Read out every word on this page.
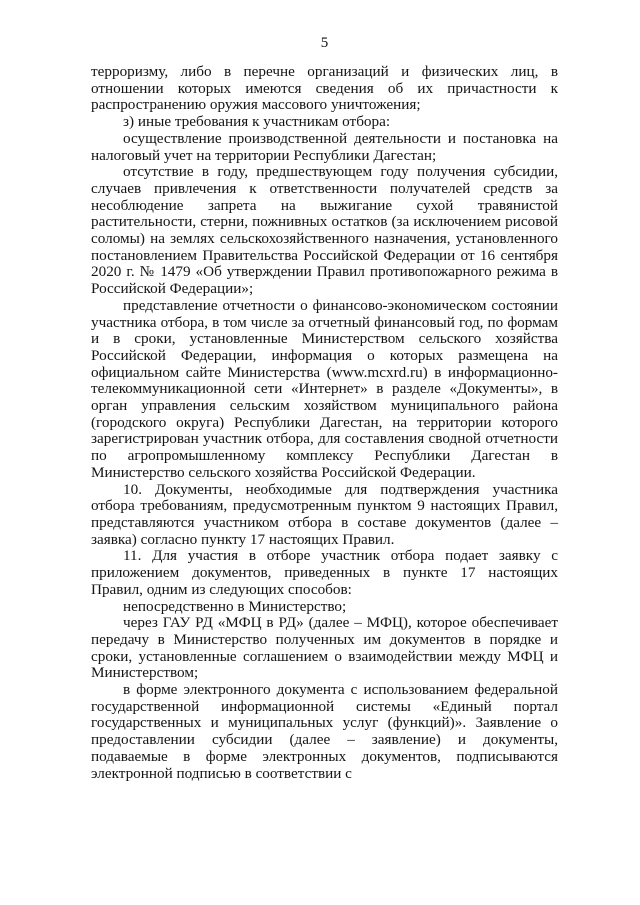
5

терроризму, либо в перечне организаций и физических лиц, в отношении которых имеются сведения об их причастности к распространению оружия массового уничтожения;

з) иные требования к участникам отбора:

осуществление производственной деятельности и постановка на налоговый учет на территории Республики Дагестан;

отсутствие в году, предшествующем году получения субсидии, случаев привлечения к ответственности получателей средств за несоблюдение запрета на выжигание сухой травянистой растительности, стерни, пожнивных остатков (за исключением рисовой соломы) на землях сельскохозяйственного назначения, установленного постановлением Правительства Российской Федерации от 16 сентября 2020 г. № 1479 «Об утверждении Правил противопожарного режима в Российской Федерации»;

представление отчетности о финансово-экономическом состоянии участника отбора, в том числе за отчетный финансовый год, по формам и в сроки, установленные Министерством сельского хозяйства Российской Федерации, информация о которых размещена на официальном сайте Министерства (www.mcxrd.ru) в информационно-телекоммуникационной сети «Интернет» в разделе «Документы», в орган управления сельским хозяйством муниципального района (городского округа) Республики Дагестан, на территории которого зарегистрирован участник отбора, для составления сводной отчетности по агропромышленному комплексу Республики Дагестан в Министерство сельского хозяйства Российской Федерации.

10. Документы, необходимые для подтверждения участника отбора требованиям, предусмотренным пунктом 9 настоящих Правил, представляются участником отбора в составе документов (далее – заявка) согласно пункту 17 настоящих Правил.

11. Для участия в отборе участник отбора подает заявку с приложением документов, приведенных в пункте 17 настоящих Правил, одним из следующих способов:

непосредственно в Министерство;

через ГАУ РД «МФЦ в РД» (далее – МФЦ), которое обеспечивает передачу в Министерство полученных им документов в порядке и сроки, установленные соглашением о взаимодействии между МФЦ и Министерством;

в форме электронного документа с использованием федеральной государственной информационной системы «Единый портал государственных и муниципальных услуг (функций)». Заявление о предоставлении субсидии (далее – заявление) и документы, подаваемые в форме электронных документов, подписываются электронной подписью в соответствии с
